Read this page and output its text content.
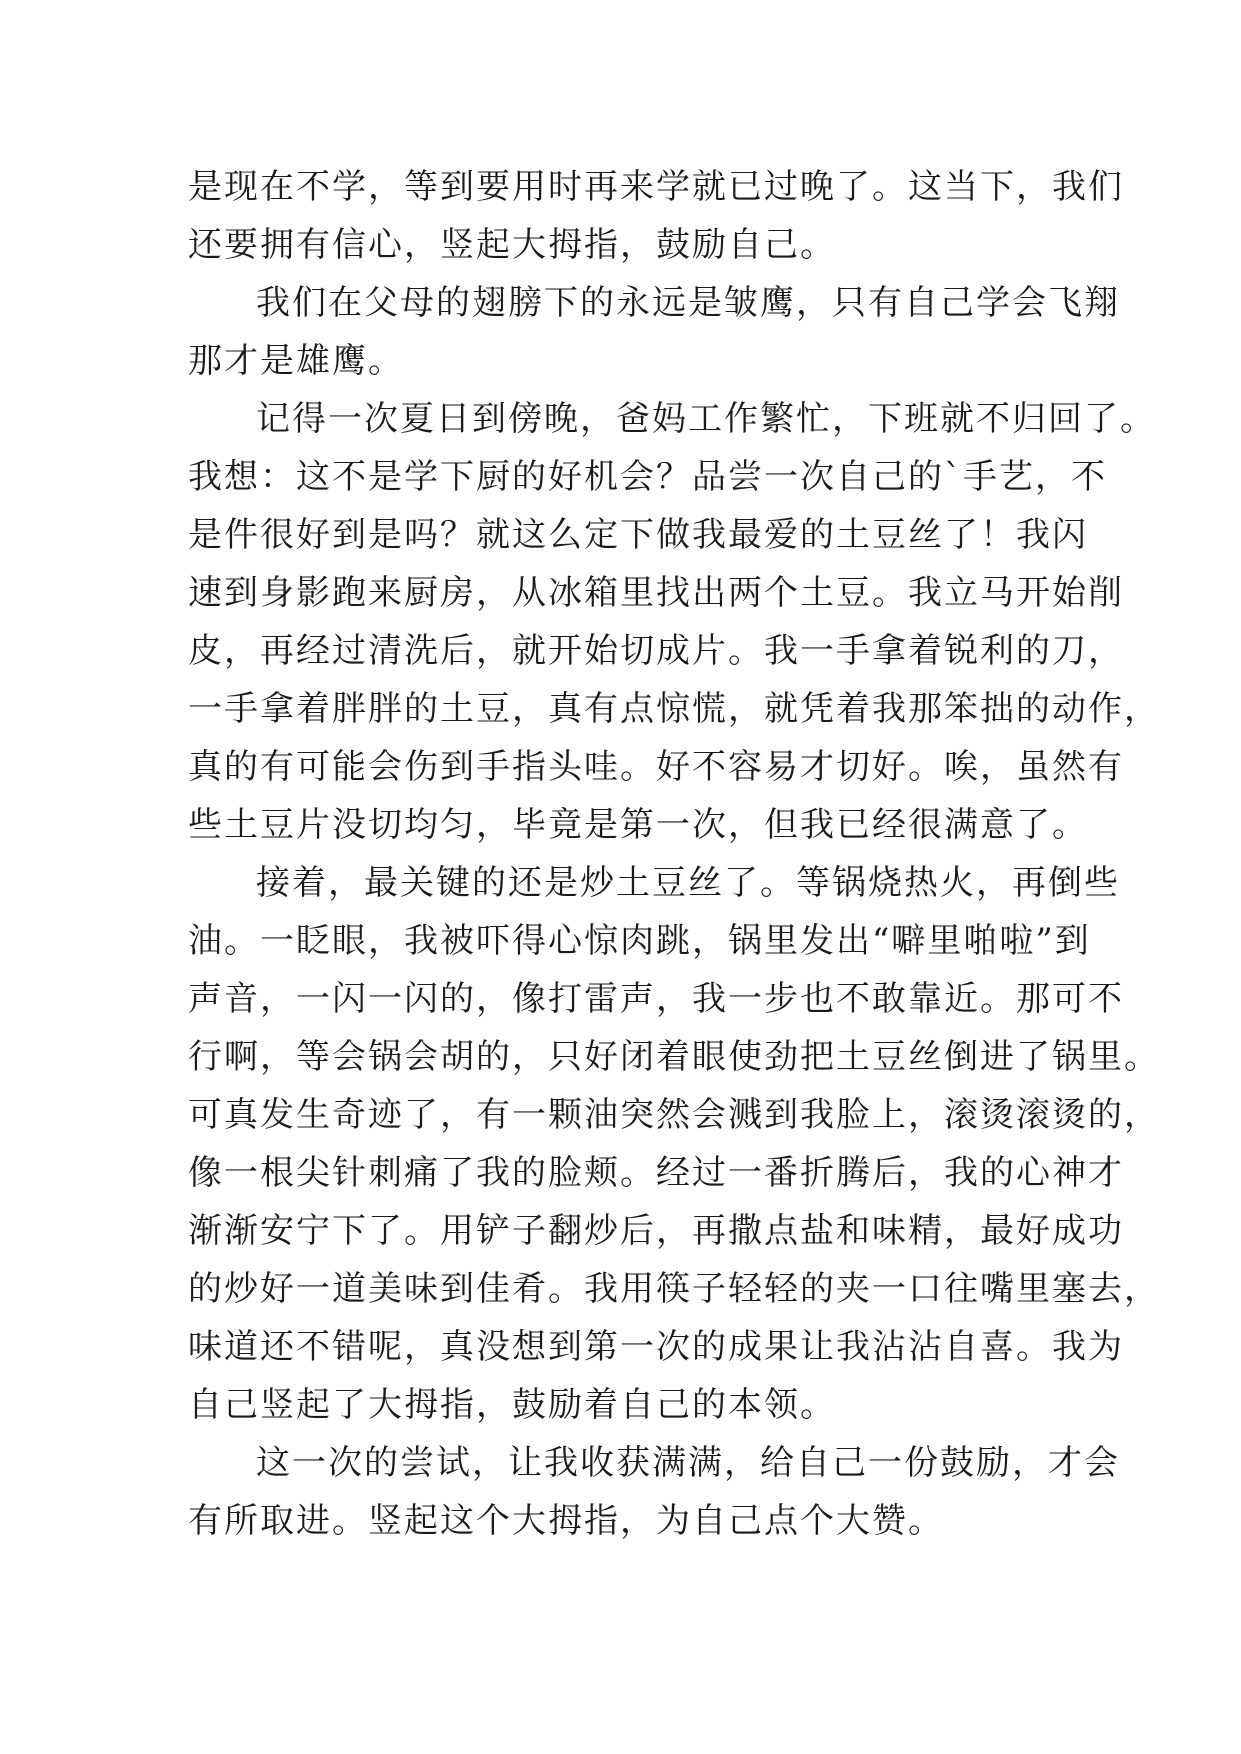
是现在不学，等到要用时再来学就已过晚了。这当下，我们
还要拥有信心，竖起大拇指，鼓励自己。
我们在父母的翅膀下的永远是皱鹰，只有自己学会飞翔
那才是雄鹰。
记得一次夏日到傍晚，爸妈工作繁忙，下班就不归回了。
我想：这不是学下厨的好机会？品尝一次自己的`手艺，不
是件很好到是吗？就这么定下做我最爱的土豆丝了！我闪
速到身影跑来厨房，从冰箱里找出两个土豆。我立马开始削
皮，再经过清洗后，就开始切成片。我一手拿着锐利的刀，
一手拿着胖胖的土豆，真有点惊慌，就凭着我那笨拙的动作，
真的有可能会伤到手指头哇。好不容易才切好。唉，虽然有
些土豆片没切均匀，毕竟是第一次，但我已经很满意了。
接着，最关键的还是炒土豆丝了。等锅烧热火，再倒些
油。一眨眼，我被吓得心惊肉跳，锅里发出“噼里啪啦”到
声音，一闪一闪的，像打雷声，我一步也不敢靠近。那可不
行啊，等会锅会胡的，只好闭着眼使劲把土豆丝倒进了锅里。
可真发生奇迹了，有一颗油突然会溅到我脸上，滚烫滚烫的，
像一根尖针刺痛了我的脸颊。经过一番折腾后，我的心神才
渐渐安宁下了。用铲子翻炒后，再撒点盐和味精，最好成功
的炒好一道美味到佳肴。我用筷子轻轻的夹一口往嘴里塞去，
味道还不错呢，真没想到第一次的成果让我沾沾自喜。我为
自己竖起了大拇指，鼓励着自己的本领。
这一次的尝试，让我收获满满，给自己一份鼓励，才会
有所取进。竖起这个大拇指，为自己点个大赞。
